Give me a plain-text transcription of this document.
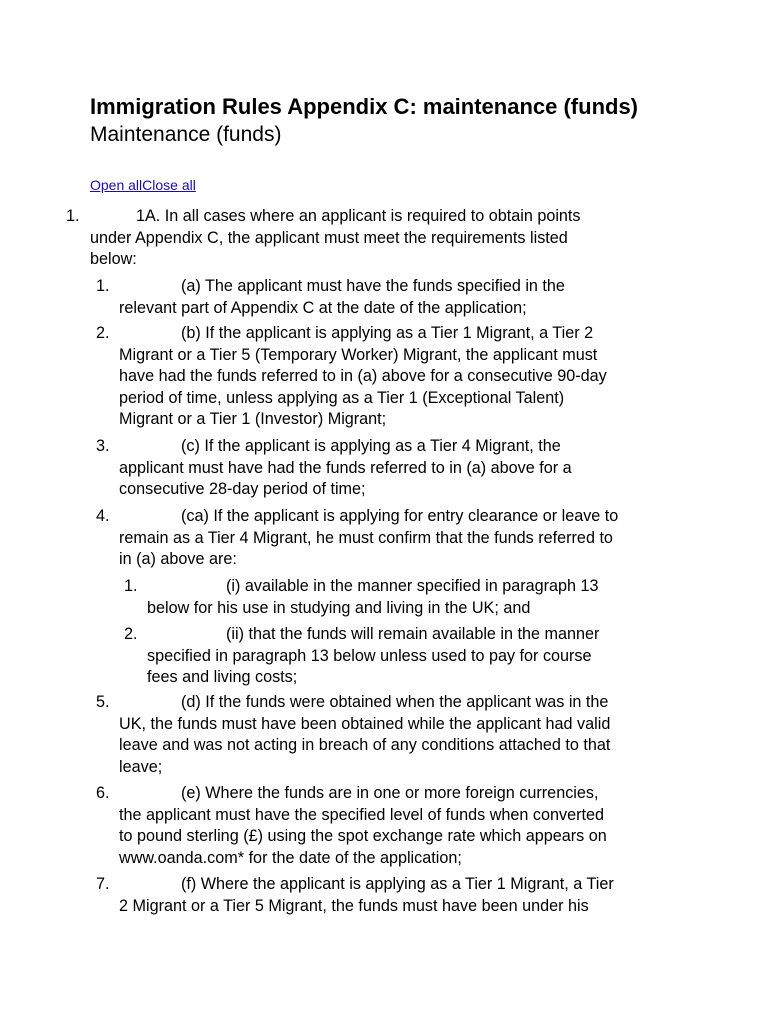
Immigration Rules Appendix C: maintenance (funds)
Maintenance (funds)
Open allClose all
1.	1A. In all cases where an applicant is required to obtain points
under Appendix C, the applicant must meet the requirements listed
below:

1.	(a) The applicant must have the funds specified in the
relevant part of Appendix C at the date of the application;

2.	(b) If the applicant is applying as a Tier 1 Migrant, a Tier 2
Migrant or a Tier 5 (Temporary Worker) Migrant, the applicant must
have had the funds referred to in (a) above for a consecutive 90-day
period of time, unless applying as a Tier 1 (Exceptional Talent)
Migrant or a Tier 1 (Investor) Migrant;

3.	(c) If the applicant is applying as a Tier 4 Migrant, the
applicant must have had the funds referred to in (a) above for a
consecutive 28-day period of time;

4.	(ca) If the applicant is applying for entry clearance or leave to
remain as a Tier 4 Migrant, he must confirm that the funds referred to
in (a) above are:

1.	(i) available in the manner specified in paragraph 13
below for his use in studying and living in the UK; and

2.	(ii) that the funds will remain available in the manner
specified in paragraph 13 below unless used to pay for course
fees and living costs;

5.	(d) If the funds were obtained when the applicant was in the
UK, the funds must have been obtained while the applicant had valid
leave and was not acting in breach of any conditions attached to that
leave;

6.	(e) Where the funds are in one or more foreign currencies,
the applicant must have the specified level of funds when converted
to pound sterling (£) using the spot exchange rate which appears on
www.oanda.com* for the date of the application;

7.	(f) Where the applicant is applying as a Tier 1 Migrant, a Tier
2 Migrant or a Tier 5 Migrant, the funds must have been under his
